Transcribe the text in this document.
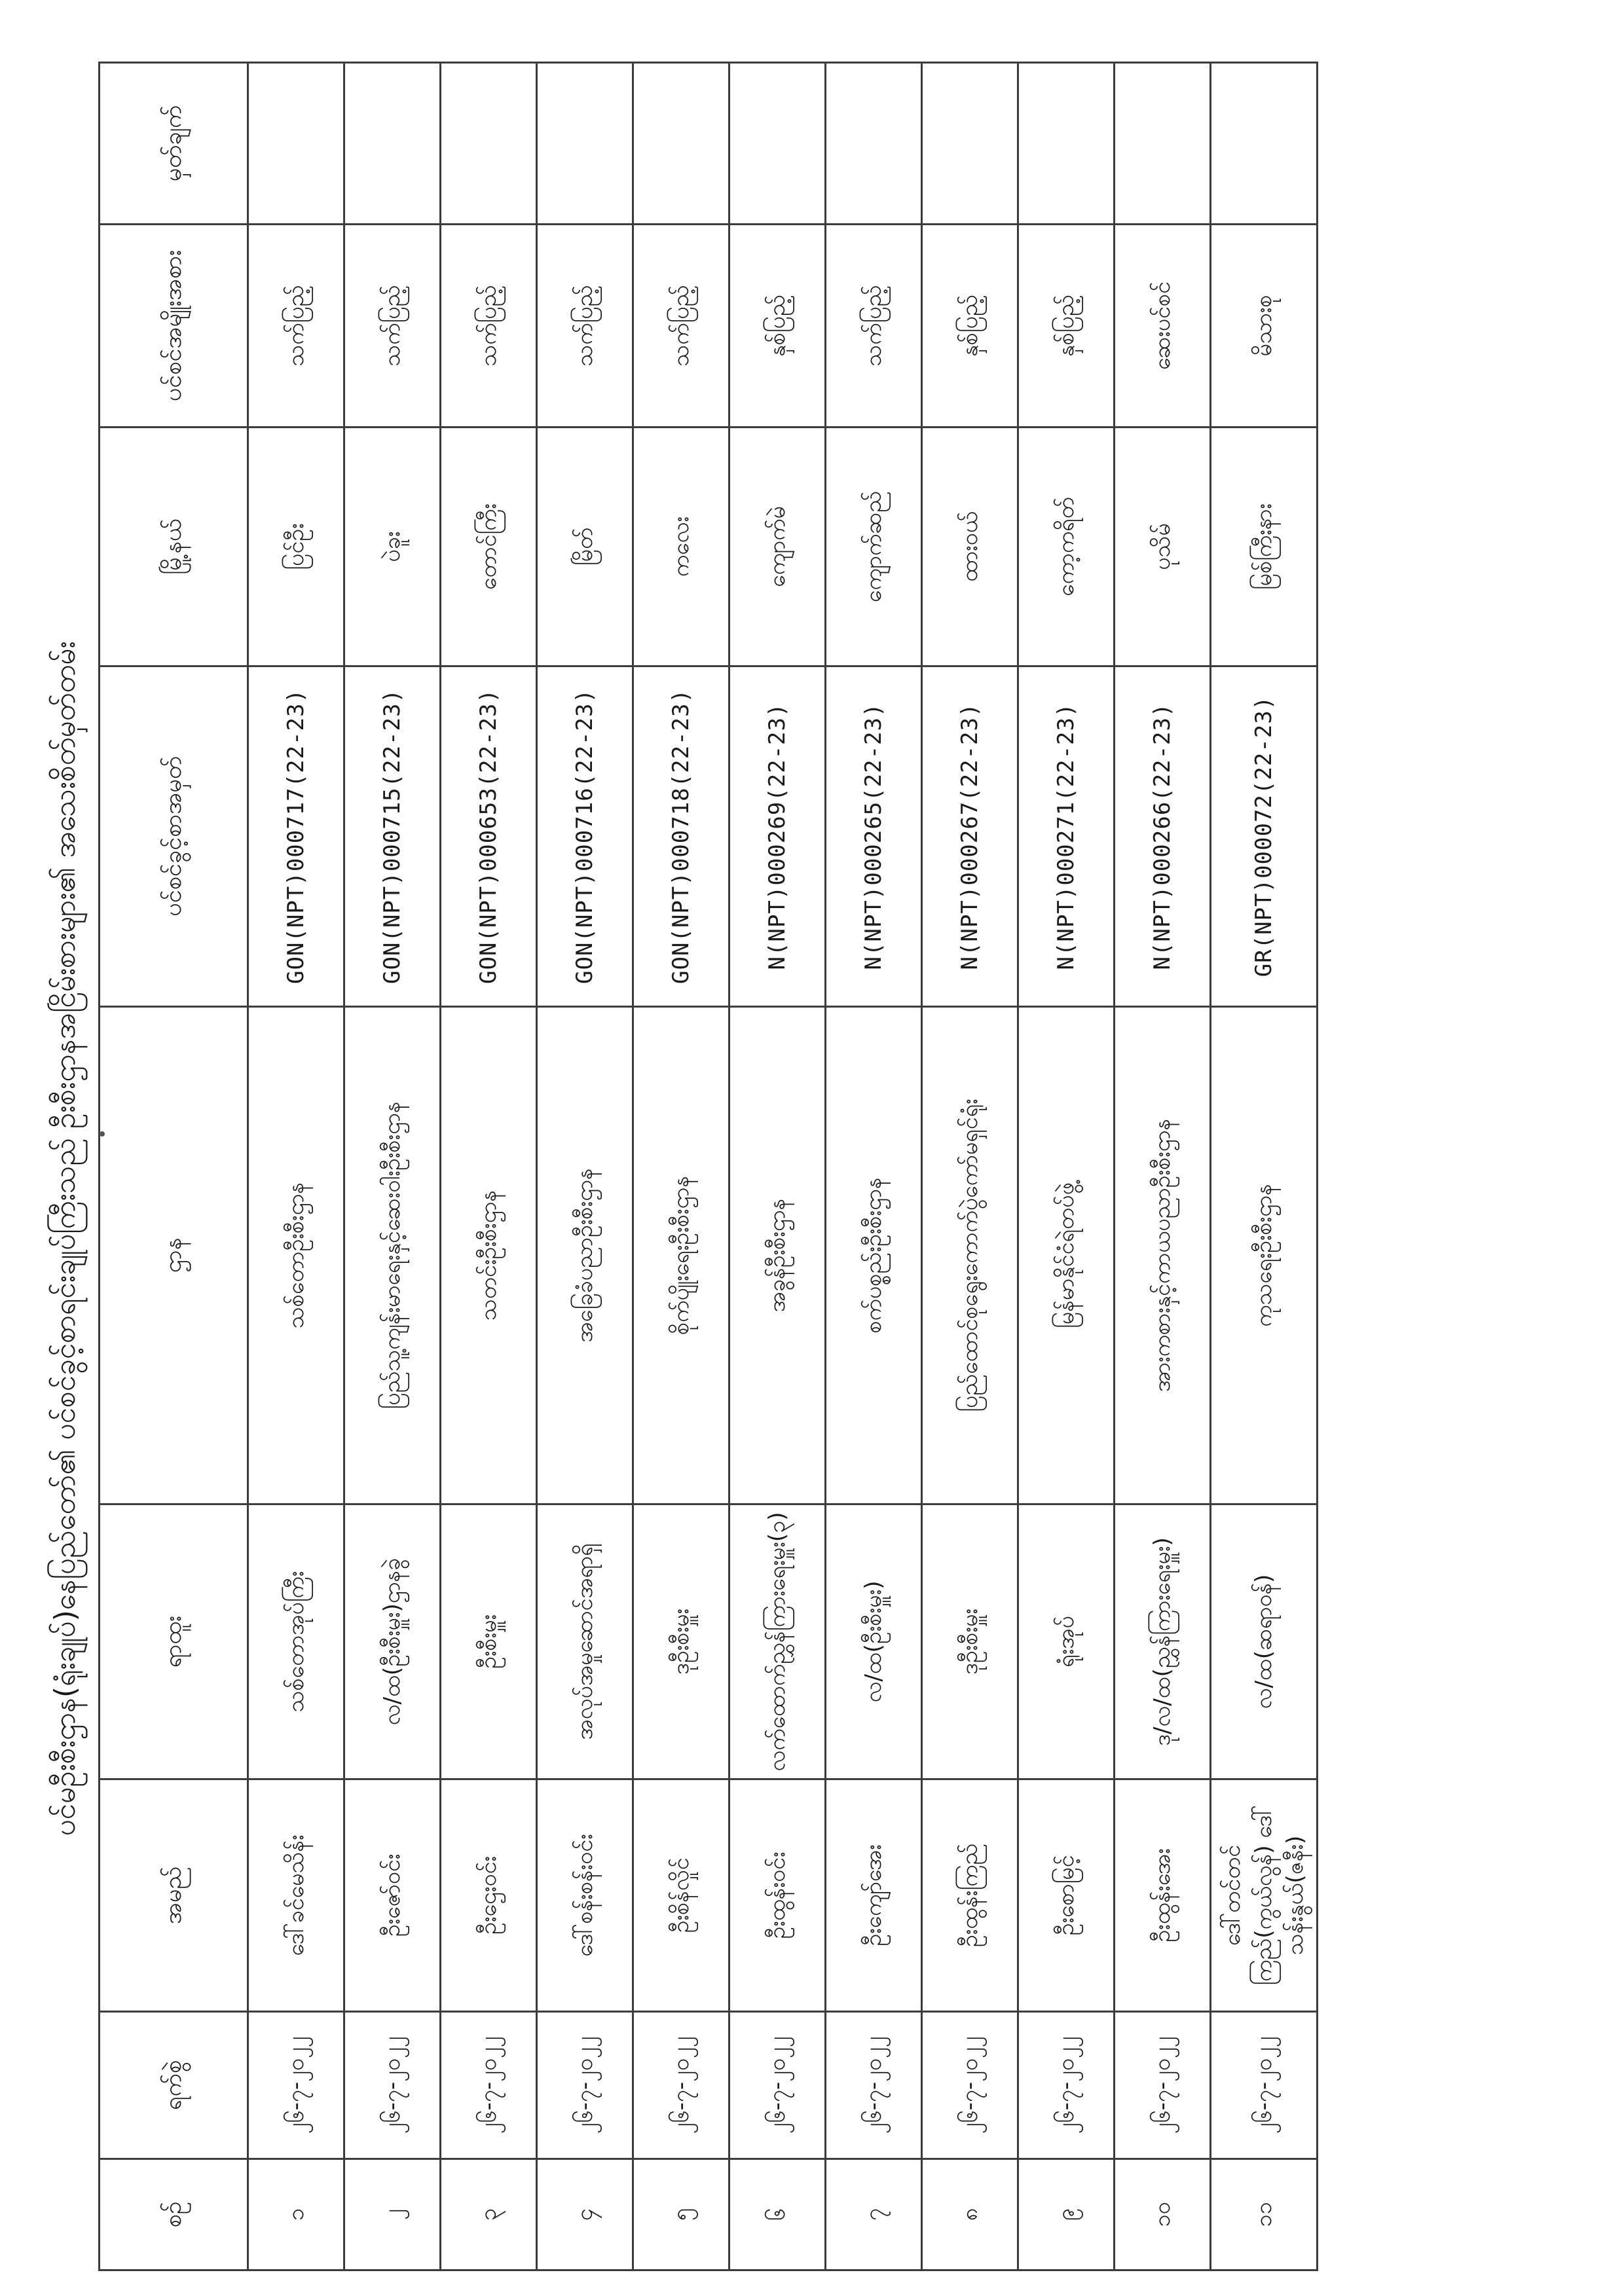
ပင်မဦးစီးဌာန(ရုံးချုပ်)နေပြည်တော်၏ ပင်စင်ခွင့်စာရင်းချုပ်ကြီးသည် ဦးစီးဌာနအငြိမ်းစားများ၏ အသေးစိတ်မှတ်တမ်း
စဉ်	ရက်စွဲ	အမည်	ရာထူး	ဌာန	ပင်စင်ခွင့်စာအမှတ်	မြို့နယ်	ပင်စင်အမျိုးအစား	မှတ်ချက်
၁	၂၆-၇-၂၀၂၂	ဒေါ်ခင်မေသိန်း	သစ်တောအုပ်ကြီး	သစ်တောဦးစီးဌာန	GON(NPT)000717(22-23)	ပြင်ဦး	သက်ပြည့်	
၂	၂၆-၇-၂၀၂၂	ဦးဇော်ဝင်း	လ/ထ(ဦးစီးမှူး)ဌာနခွဲ	ပြည်သူ့ကျန်းမာရေးနှင့်ဆေးဝါးဦးစီးဌာန	GON(NPT)000715(22-23)	ပဲခူး	သက်ပြည့်	
၃	၂၆-၇-၂၀၂၂	ဦးဌေးဝင်း	ဦးစီးမှူး	သတင်းဦးစီးဌာန	GON(NPT)000653(22-23)	တောင်ကြီး	သက်ပြည့်	
၄	၂၆-၇-၂၀၂၂	ဒေါ်စန်းစန်းဝင်း	အလုပ်အမှုဆောင်အရာရှိ	အခြေခံပညာဦးစီးဌာန	GON(NPT)000716(22-23)	မြိတ်	သက်ပြည့်	
၅	၂၆-၇-၂၀၂၂	ဦးစိန်လှိုင်	ဒုဦးစီးမှူး	စိုက်ပျိုးရေးဦးစီးဌာန	GON(NPT)000718(22-23)	ကလေး	သက်ပြည့်	
၆	၂၆-၇-၂၀၂၂	ဦးထွန်းဝင်း	လက်ထောက်ညွှန်ကြားရေးမှူး(၃)	အခွန်ဦးစီးဌာန	N(NPT)000269(22-23)	ကျောက်မဲ	နှစ်ပြည့်	
၇	၂၆-၇-၂၀၂၂	ဦးကျော်အေး	လ/ထ(ဦးစီးမှူး)	စက်ပစ္စည်းဦးစီးဌာန	N(NPT)000265(22-23)	ကျောက်ဆည်	သက်ပြည့်	
၈	၂၆-၇-၂၀၂၂	ဦးထွန်းကြည်	ဒုဦးစီးမှူး	ပြည်ထောင်စုရွေးကောက်ပွဲကော်မရှင်ရုံး	N(NPT)000267(22-23)	ထားဝယ်	နှစ်ပြည့်	
၉	၂၆-၇-၂၀၂၂	ဦးစောမြင့်	ရုံးအုပ်	မြန်မာနိုင်ငံရဲတပ်ဖွဲ့	N(NPT)000271(22-23)	ကော့ကရိတ်	နှစ်ပြည့်	
၁၀	၂၆-၇-၂၀၂၂	ဦးထွန်းအေး	ဒု/လ/ထ(ညွှန်ကြားရေးမှူး)	အားကစားနှင့်ကာယပညာဦးစီးဌာန	N(NPT)000266(22-23)	ပုသိမ်	ဆေးပင်စင်	
၁၁	၂၆-၇-၂၀၂၂	ဒေါ်တင်တင်ကြည်(ကွယ်လွန်) ဒေါ်သန်းနွယ်(ဇနီး)	လ/ထ(ဆရာဝန်)	ကုသရေးဦးစီးဌာန	GR(NPT)000072(22-23)	မြစ်ကြီးနား	မိသားစု	
